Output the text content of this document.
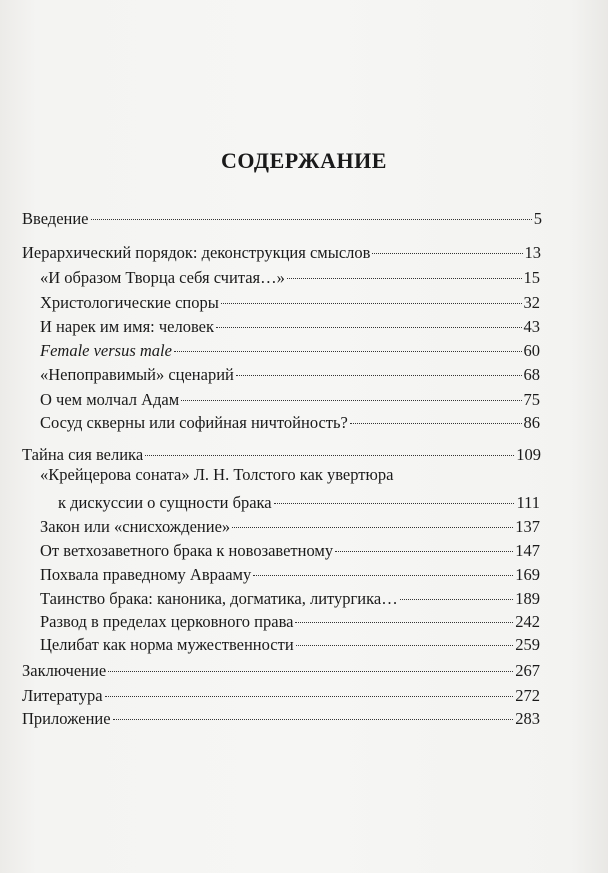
СОДЕРЖАНИЕ
Введение	5
Иерархический порядок: деконструкция смыслов	13
«И образом Творца себя считая…»	15
Христологические споры	32
И нарек им имя: человек	43
Female versus male	60
«Непоправимый» сценарий	68
О чем молчал Адам	75
Сосуд скверны или софийная ничтойность?	86
Тайна сия велика	109
«Крейцерова соната» Л. Н. Толстого как увертюра
к дискуссии о сущности брака	111
Закон или «снисхождение»	137
От ветхозаветного брака к новозаветному	147
Похвала праведному Аврааму	169
Таинство брака: каноника, догматика, литургика…	189
Развод в пределах церковного права	242
Целибат как норма мужественности	259
Заключение	267
Литература	272
Приложение	283
